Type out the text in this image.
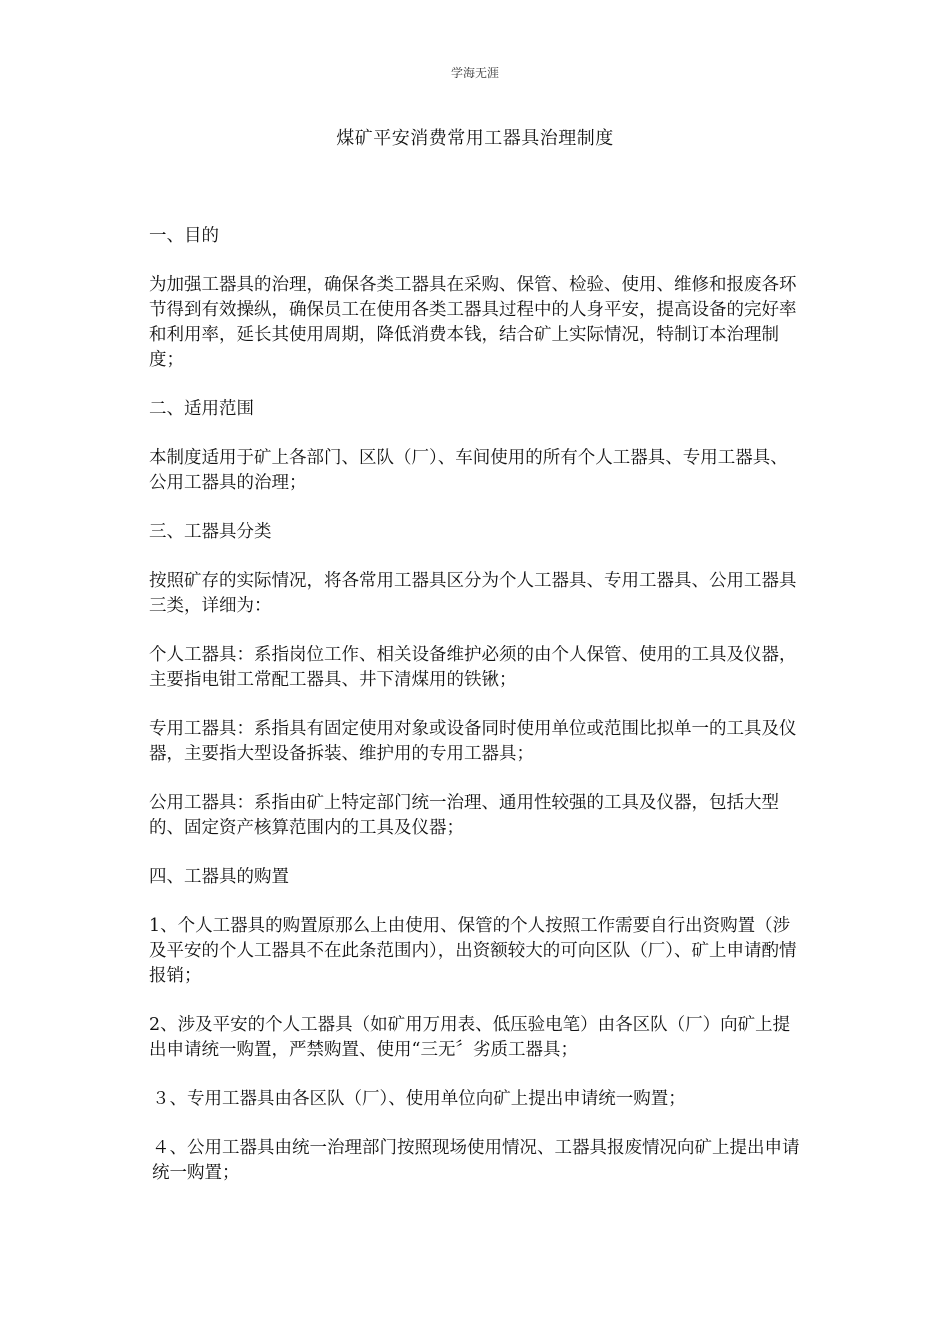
学海无涯
煤矿平安消费常用工器具治理制度

一、目的

为加强工器具的治理，确保各类工器具在采购、保管、检验、使用、维修和报废各环节得到有效操纵，确保员工在使用各类工器具过程中的人身平安，提高设备的完好率和利用率，延长其使用周期，降低消费本钱，结合矿上实际情况，特制订本治理制度；

二、适用范围

本制度适用于矿上各部门、区队（厂）、车间使用的所有个人工器具、专用工器具、公用工器具的治理；

三、工器具分类

按照矿存的实际情况，将各常用工器具区分为个人工器具、专用工器具、公用工器具三类，详细为：

个人工器具：系指岗位工作、相关设备维护必须的由个人保管、使用的工具及仪器，主要指电钳工常配工器具、井下清煤用的铁锹；

专用工器具：系指具有固定使用对象或设备同时使用单位或范围比拟单一的工具及仪器，主要指大型设备拆装、维护用的专用工器具；

公用工器具：系指由矿上特定部门统一治理、通用性较强的工具及仪器，包括大型的、固定资产核算范围内的工具及仪器；

四、工器具的购置

1、个人工器具的购置原那么上由使用、保管的个人按照工作需要自行出资购置（涉及平安的个人工器具不在此条范围内），出资额较大的可向区队（厂）、矿上申请酌情报销；

2、涉及平安的个人工器具（如矿用万用表、低压验电笔）由各区队（厂）向矿上提出申请统一购置，严禁购置、使用“三无〞劣质工器具；

３、专用工器具由各区队（厂）、使用单位向矿上提出申请统一购置；

４、公用工器具由统一治理部门按照现场使用情况、工器具报废情况向矿上提出申请统一购置；
